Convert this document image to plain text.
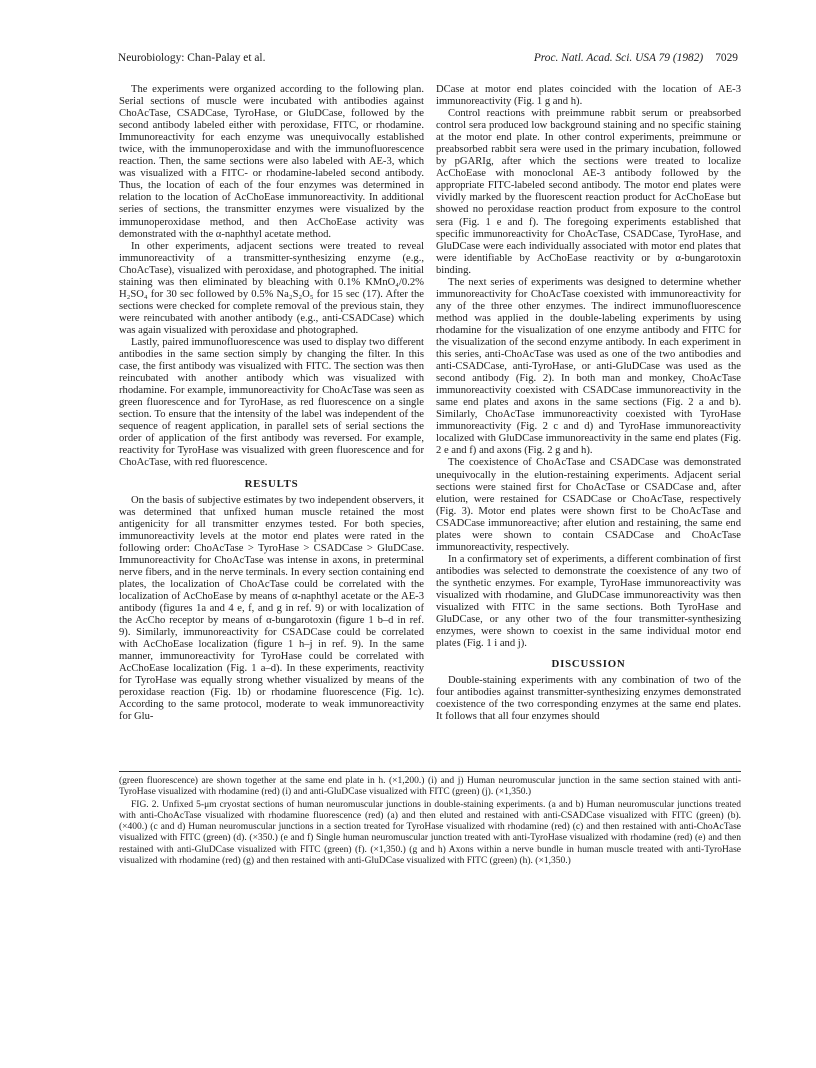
Neurobiology: Chan-Palay et al.	Proc. Natl. Acad. Sci. USA 79 (1982) 7029

The experiments were organized according to the following plan. Serial sections of muscle were incubated with antibodies against ChoAcTase, CSADCase, TyroHase, or GluDCase, followed by the second antibody labeled either with peroxidase, FITC, or rhodamine. Immunoreactivity for each enzyme was unequivocally established twice, with the immunoperoxidase and with the immunofluorescence reaction. Then, the same sections were also labeled with AE-3, which was visualized with a FITC- or rhodamine-labeled second antibody. Thus, the location of each of the four enzymes was determined in relation to the location of AcChoEase immunoreactivity. In additional series of sections, the transmitter enzymes were visualized by the immunoperoxidase method, and then AcChoEase activity was demonstrated with the α-naphthyl acetate method.

In other experiments, adjacent sections were treated to reveal immunoreactivity of a transmitter-synthesizing enzyme (e.g., ChoAcTase), visualized with peroxidase, and photographed. The initial staining was then eliminated by bleaching with 0.1% KMnO₄/0.2% H₂SO₄ for 30 sec followed by 0.5% Na₂S₂O₅ for 15 sec (17). After the sections were checked for complete removal of the previous stain, they were reincubated with another antibody (e.g., anti-CSADCase) which was again visualized with peroxidase and photographed.

Lastly, paired immunofluorescence was used to display two different antibodies in the same section simply by changing the filter. In this case, the first antibody was visualized with FITC. The section was then reincubated with another antibody which was visualized with rhodamine. For example, immunoreactivity for ChoAcTase was seen as green fluorescence and for TyroHase, as red fluorescence on a single section. To ensure that the intensity of the label was independent of the sequence of reagent application, in parallel sets of serial sections the order of application of the first antibody was reversed. For example, reactivity for TyroHase was visualized with green fluorescence and for ChoAcTase, with red fluorescence.

RESULTS

On the basis of subjective estimates by two independent observers, it was determined that unfixed human muscle retained the most antigenicity for all transmitter enzymes tested. For both species, immunoreactivity levels at the motor end plates were rated in the following order: ChoAcTase > TyroHase > CSADCase > GluDCase. Immunoreactivity for ChoAcTase was intense in axons, in preterminal nerve fibers, and in the nerve terminals. In every section containing end plates, the localization of ChoAcTase could be correlated with the localization of AcChoEase by means of α-naphthyl acetate or the AE-3 antibody (figures 1a and 4 e, f, and g in ref. 9) or with localization of the AcCho receptor by means of α-bungarotoxin (figure 1 b–d in ref. 9). Similarly, immunoreactivity for CSADCase could be correlated with AcChoEase localization (figure 1 h–j in ref. 9). In the same manner, immunoreactivity for TyroHase could be correlated with AcChoEase localization (Fig. 1 a–d). In these experiments, reactivity for TyroHase was equally strong whether visualized by means of the peroxidase reaction (Fig. 1b) or rhodamine fluorescence (Fig. 1c). According to the same protocol, moderate to weak immunoreactivity for Glu-

DCase at motor end plates coincided with the location of AE-3 immunoreactivity (Fig. 1 g and h).

Control reactions with preimmune rabbit serum or preabsorbed control sera produced low background staining and no specific staining at the motor end plate. In other control experiments, preimmune or preabsorbed rabbit sera were used in the primary incubation, followed by pGARIg, after which the sections were treated to localize AcChoEase with monoclonal AE-3 antibody followed by the appropriate FITC-labeled second antibody. The motor end plates were vividly marked by the fluorescent reaction product for AcChoEase but showed no peroxidase reaction product from exposure to the control sera (Fig. 1 e and f). The foregoing experiments established that specific immunoreactivity for ChoAcTase, CSADCase, TyroHase, and GluDCase were each individually associated with motor end plates that were identifiable by AcChoEase reactivity or by α-bungarotoxin binding.

The next series of experiments was designed to determine whether immunoreactivity for ChoAcTase coexisted with immunoreactivity for any of the three other enzymes. The indirect immunofluorescence method was applied in the double-labeling experiments by using rhodamine for the visualization of one enzyme antibody and FITC for the visualization of the second enzyme antibody. In each experiment in this series, anti-ChoAcTase was used as one of the two antibodies and anti-CSADCase, anti-TyroHase, or anti-GluDCase was used as the second antibody (Fig. 2). In both man and monkey, ChoAcTase immunoreactivity coexisted with CSADCase immunoreactivity in the same end plates and axons in the same sections (Fig. 2 a and b). Similarly, ChoAcTase immunoreactivity coexisted with TyroHase immunoreactivity (Fig. 2 c and d) and TyroHase immunoreactivity localized with GluDCase immunoreactivity in the same end plates (Fig. 2 e and f) and axons (Fig. 2 g and h).

The coexistence of ChoAcTase and CSADCase was demonstrated unequivocally in the elution-restaining experiments. Adjacent serial sections were stained first for ChoAcTase or CSADCase and, after elution, were restained for CSADCase or ChoAcTase, respectively (Fig. 3). Motor end plates were shown first to be ChoAcTase and CSADCase immunoreactive; after elution and restaining, the same end plates were shown to contain CSADCase and ChoAcTase immunoreactivity, respectively.

In a confirmatory set of experiments, a different combination of first antibodies was selected to demonstrate the coexistence of any two of the synthetic enzymes. For example, TyroHase immunoreactivity was visualized with rhodamine, and GluDCase immunoreactivity was then visualized with FITC in the same sections. Both TyroHase and GluDCase, or any other two of the four transmitter-synthesizing enzymes, were shown to coexist in the same individual motor end plates (Fig. 1 i and j).

DISCUSSION

Double-staining experiments with any combination of two of the four antibodies against transmitter-synthesizing enzymes demonstrated coexistence of the two corresponding enzymes at the same end plates. It follows that all four enzymes should

(green fluorescence) are shown together at the same end plate in h. (×1,200.) (i) and j) Human neuromuscular junction in the same section stained with anti-TyroHase visualized with rhodamine (red) (i) and anti-GluDCase visualized with FITC (green) (j). (×1,350.)

FIG. 2. Unfixed 5-μm cryostat sections of human neuromuscular junctions in double-staining experiments. (a and b) Human neuromuscular junctions treated with anti-ChoAcTase visualized with rhodamine fluorescence (red) (a) and then eluted and restained with anti-CSADCase visualized with FITC (green) (b). (×400.) (c and d) Human neuromuscular junctions in a section treated for TyroHase visualized with rhodamine (red) (c) and then restained with anti-ChoAcTase visualized with FITC (green) (d). (×350.) (e and f) Single human neuromuscular junction treated with anti-TyroHase visualized with rhodamine (red) (e) and then restained with anti-GluDCase visualized with FITC (green) (f). (×1,350.) (g and h) Axons within a nerve bundle in human muscle treated with anti-TyroHase visualized with rhodamine (red) (g) and then restained with anti-GluDCase visualized with FITC (green) (h). (×1,350.)
